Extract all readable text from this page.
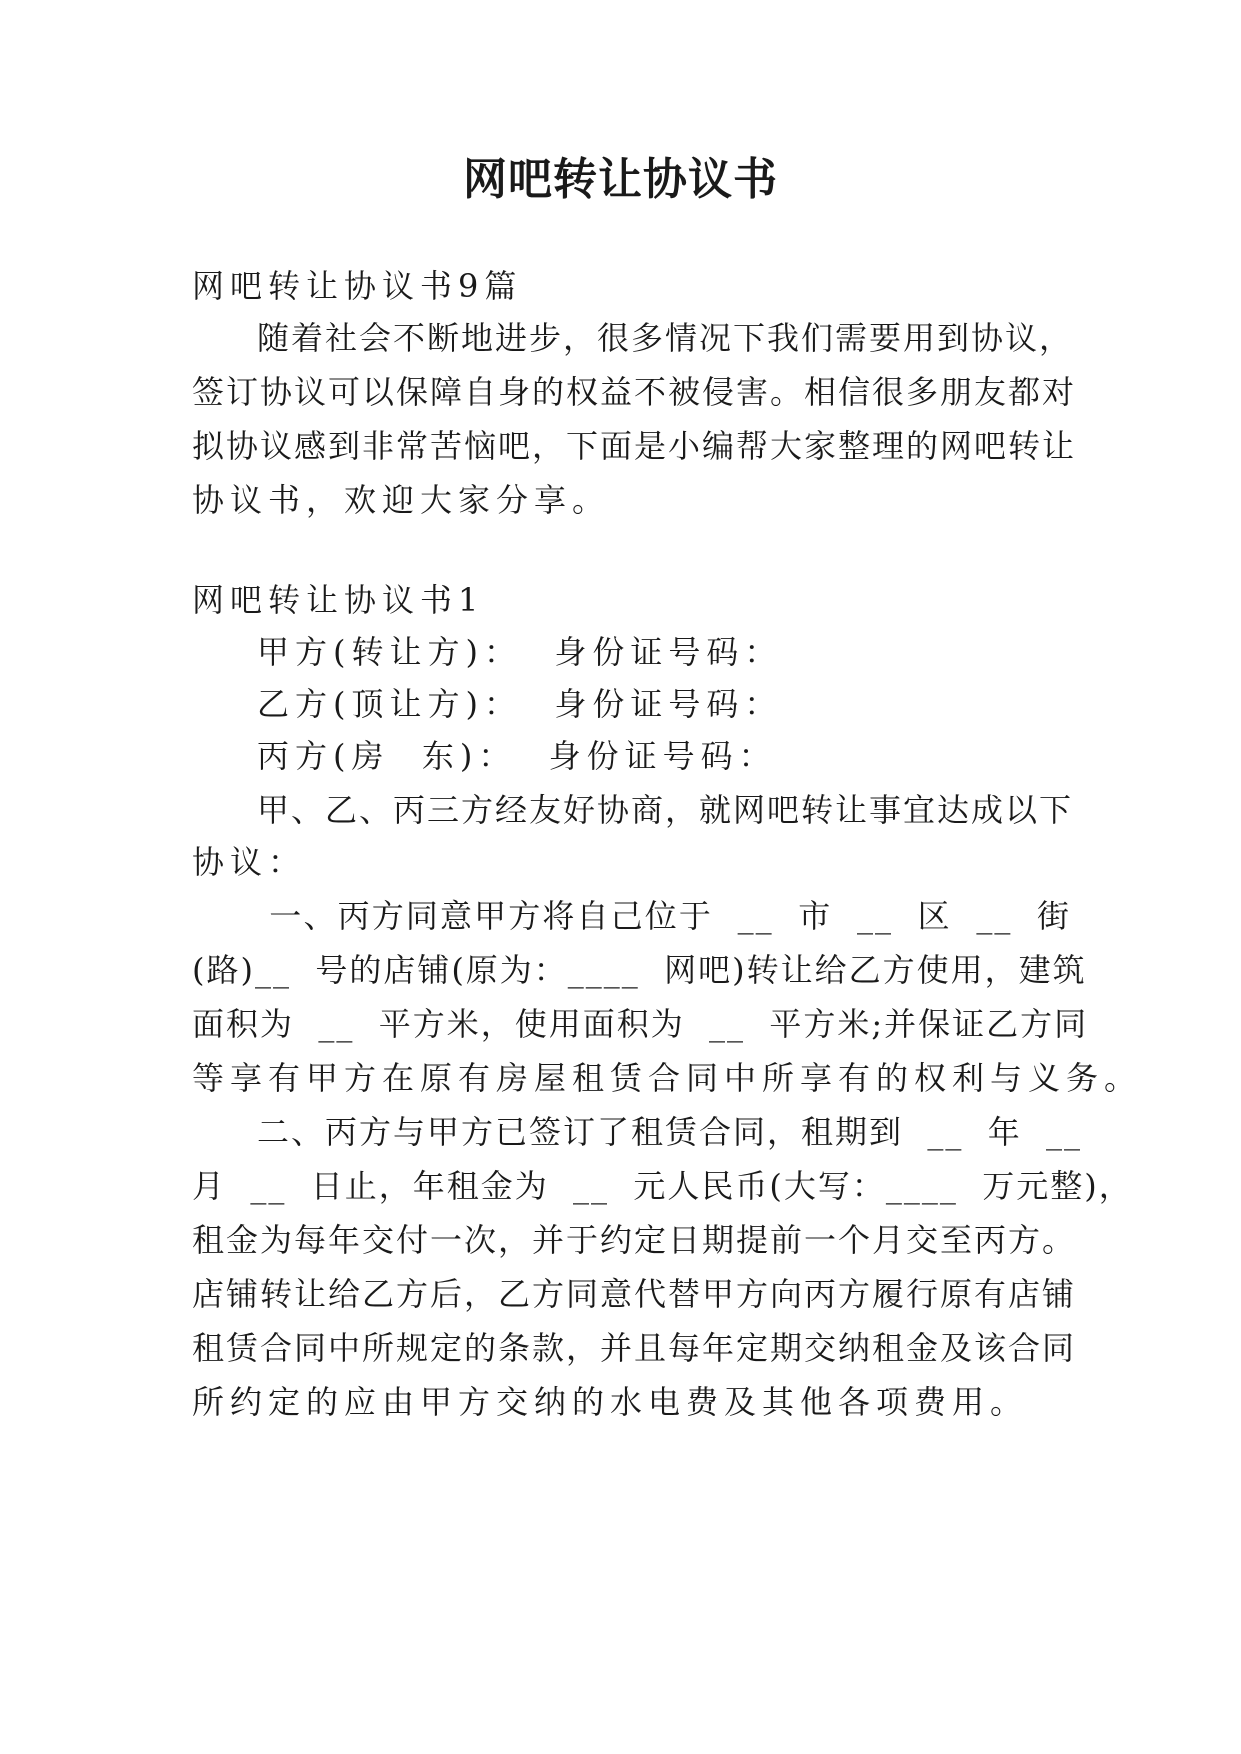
网吧转让协议书
网吧转让协议书9篇
随着社会不断地进步，很多情况下我们需要用到协议，
签订协议可以保障自身的权益不被侵害。相信很多朋友都对
拟协议感到非常苦恼吧，下面是小编帮大家整理的网吧转让
协议书，欢迎大家分享。
网吧转让协议书1
甲方(转让方)：  身份证号码：
乙方(顶让方)：  身份证号码：
丙方(房  东)：  身份证号码：
甲、乙、丙三方经友好协商，就网吧转让事宜达成以下
协议：
一、丙方同意甲方将自己位于  __  市  __  区  __  街
(路)__  号的店铺(原为：____  网吧)转让给乙方使用，建筑
面积为  __  平方米，使用面积为  __  平方米;并保证乙方同
等享有甲方在原有房屋租赁合同中所享有的权利与义务。
二、丙方与甲方已签订了租赁合同，租期到  __  年  __
月  __  日止，年租金为  __  元人民币(大写：____  万元整)，
租金为每年交付一次，并于约定日期提前一个月交至丙方。
店铺转让给乙方后，乙方同意代替甲方向丙方履行原有店铺
租赁合同中所规定的条款，并且每年定期交纳租金及该合同
所约定的应由甲方交纳的水电费及其他各项费用。
